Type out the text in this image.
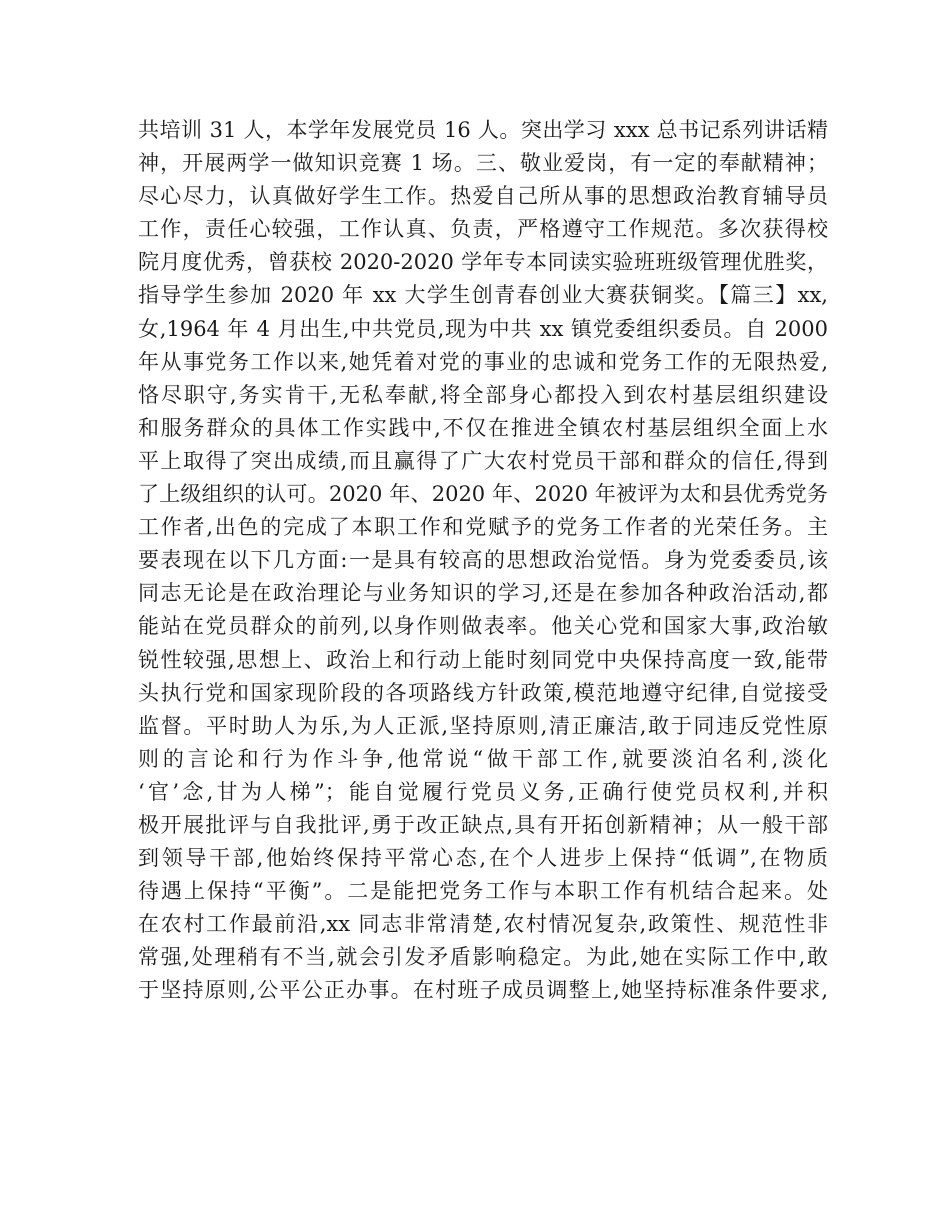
共培训 31 人，本学年发展党员 16 人。突出学习 xxx 总书记系列讲话精
神，开展两学一做知识竞赛 1 场。三、敬业爱岗，有一定的奉献精神；
尽心尽力，认真做好学生工作。热爱自己所从事的思想政治教育辅导员
工作，责任心较强，工作认真、负责，严格遵守工作规范。多次获得校
院月度优秀，曾获校 2020-2020 学年专本同读实验班班级管理优胜奖，
指导学生参加 2020 年 xx 大学生创青春创业大赛获铜奖。【篇三】xx,
女,1964 年 4 月出生,中共党员,现为中共 xx 镇党委组织委员。自 2000
年从事党务工作以来,她凭着对党的事业的忠诚和党务工作的无限热爱,
恪尽职守,务实肯干,无私奉献,将全部身心都投入到农村基层组织建设
和服务群众的具体工作实践中,不仅在推进全镇农村基层组织全面上水
平上取得了突出成绩,而且赢得了广大农村党员干部和群众的信任,得到
了上级组织的认可。2020 年、2020 年、2020 年被评为太和县优秀党务
工作者,出色的完成了本职工作和党赋予的党务工作者的光荣任务。主
要表现在以下几方面:一是具有较高的思想政治觉悟。身为党委委员,该
同志无论是在政治理论与业务知识的学习,还是在参加各种政治活动,都
能站在党员群众的前列,以身作则做表率。他关心党和国家大事,政治敏
锐性较强,思想上、政治上和行动上能时刻同党中央保持高度一致,能带
头执行党和国家现阶段的各项路线方针政策,模范地遵守纪律,自觉接受
监督。平时助人为乐,为人正派,坚持原则,清正廉洁,敢于同违反党性原
则的言论和行为作斗争,他常说“做干部工作,就要淡泊名利,淡化
‘官’念,甘为人梯”；能自觉履行党员义务,正确行使党员权利,并积
极开展批评与自我批评,勇于改正缺点,具有开拓创新精神；从一般干部
到领导干部,他始终保持平常心态,在个人进步上保持“低调”,在物质
待遇上保持“平衡”。二是能把党务工作与本职工作有机结合起来。处
在农村工作最前沿,xx 同志非常清楚,农村情况复杂,政策性、规范性非
常强,处理稍有不当,就会引发矛盾影响稳定。为此,她在实际工作中,敢
于坚持原则,公平公正办事。在村班子成员调整上,她坚持标准条件要求,
